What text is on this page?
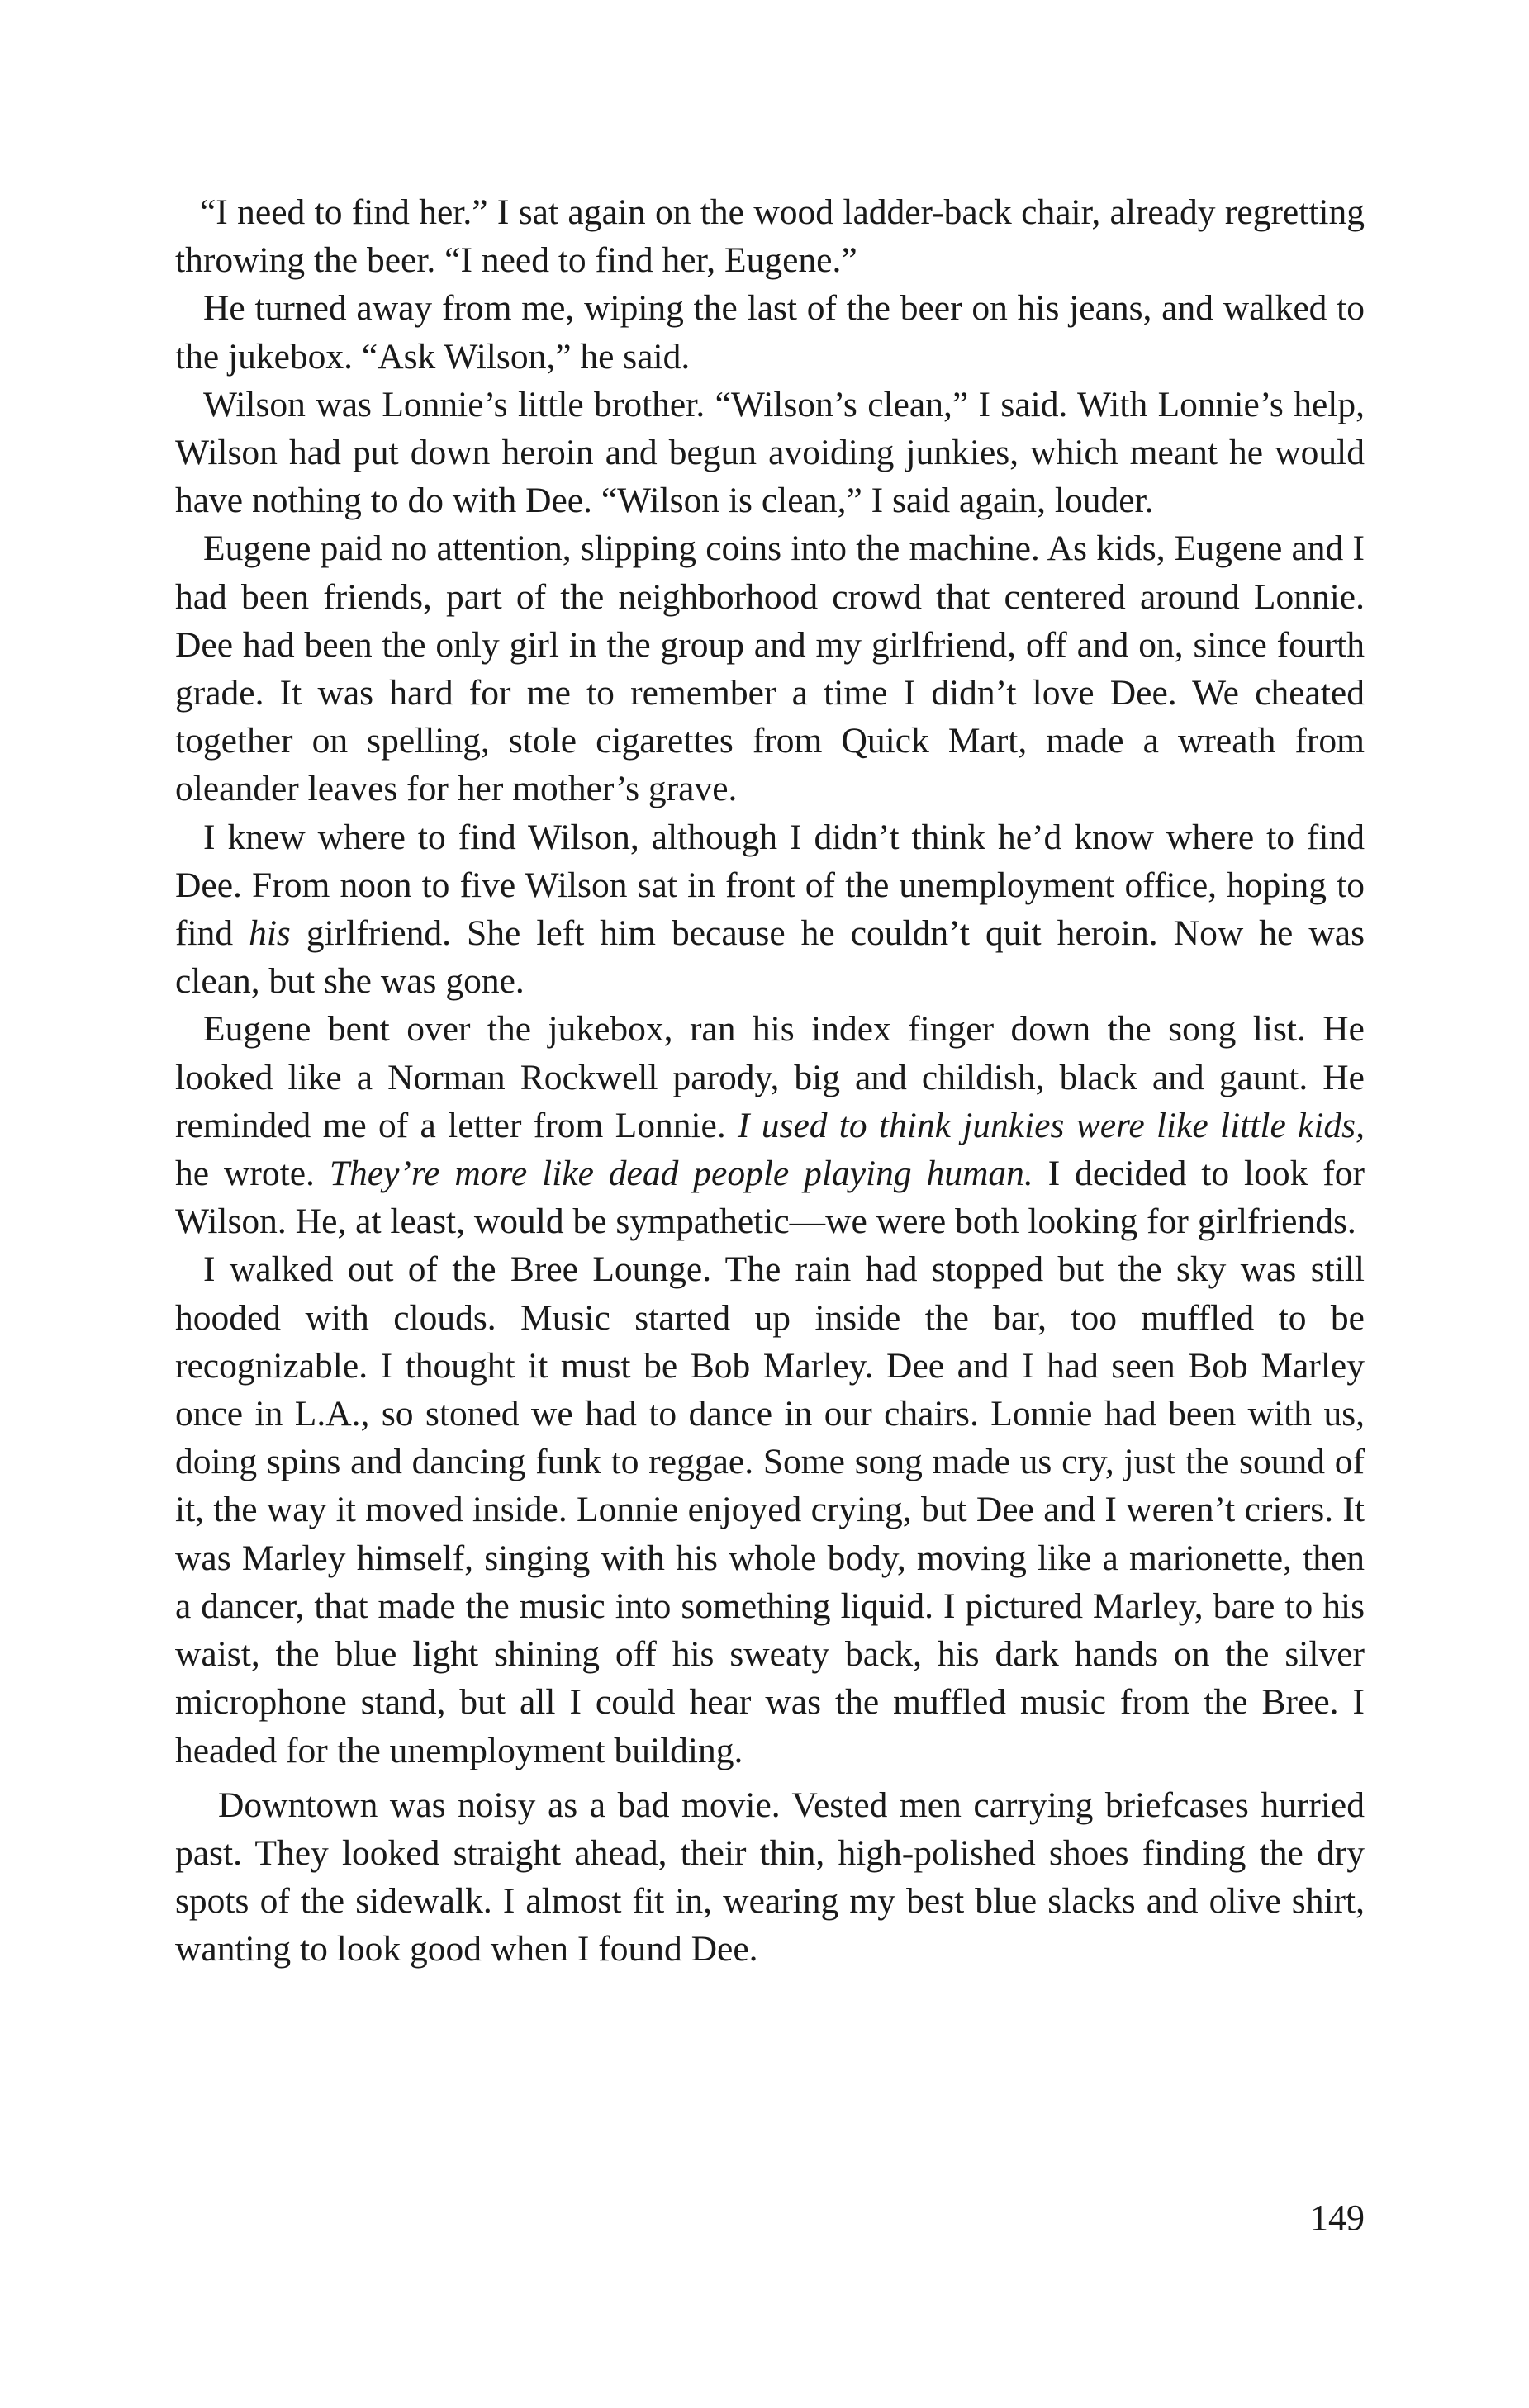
“I need to find her.” I sat again on the wood ladder-back chair, already regretting throwing the beer. “I need to find her, Eugene.”

He turned away from me, wiping the last of the beer on his jeans, and walked to the jukebox. “Ask Wilson,” he said.

Wilson was Lonnie’s little brother. “Wilson’s clean,” I said. With Lonnie’s help, Wilson had put down heroin and begun avoiding junkies, which meant he would have nothing to do with Dee. “Wilson is clean,” I said again, louder.

Eugene paid no attention, slipping coins into the machine. As kids, Eugene and I had been friends, part of the neighborhood crowd that centered around Lonnie. Dee had been the only girl in the group and my girlfriend, off and on, since fourth grade. It was hard for me to remember a time I didn’t love Dee. We cheated together on spelling, stole cigarettes from Quick Mart, made a wreath from oleander leaves for her mother’s grave.

I knew where to find Wilson, although I didn’t think he’d know where to find Dee. From noon to five Wilson sat in front of the unemployment office, hoping to find his girlfriend. She left him because he couldn’t quit heroin. Now he was clean, but she was gone.

Eugene bent over the jukebox, ran his index finger down the song list. He looked like a Norman Rockwell parody, big and childish, black and gaunt. He reminded me of a letter from Lonnie. I used to think junkies were like little kids, he wrote. They’re more like dead people playing human. I decided to look for Wilson. He, at least, would be sympathetic—we were both looking for girlfriends.

I walked out of the Bree Lounge. The rain had stopped but the sky was still hooded with clouds. Music started up inside the bar, too muffled to be recognizable. I thought it must be Bob Marley. Dee and I had seen Bob Marley once in L.A., so stoned we had to dance in our chairs. Lonnie had been with us, doing spins and dancing funk to reggae. Some song made us cry, just the sound of it, the way it moved inside. Lonnie enjoyed crying, but Dee and I weren’t criers. It was Marley himself, singing with his whole body, moving like a marionette, then a dancer, that made the music into something liquid. I pictured Marley, bare to his waist, the blue light shining off his sweaty back, his dark hands on the silver microphone stand, but all I could hear was the muffled music from the Bree. I headed for the unemployment building.

Downtown was noisy as a bad movie. Vested men carrying briefcases hurried past. They looked straight ahead, their thin, high-polished shoes finding the dry spots of the sidewalk. I almost fit in, wearing my best blue slacks and olive shirt, wanting to look good when I found Dee.

149
